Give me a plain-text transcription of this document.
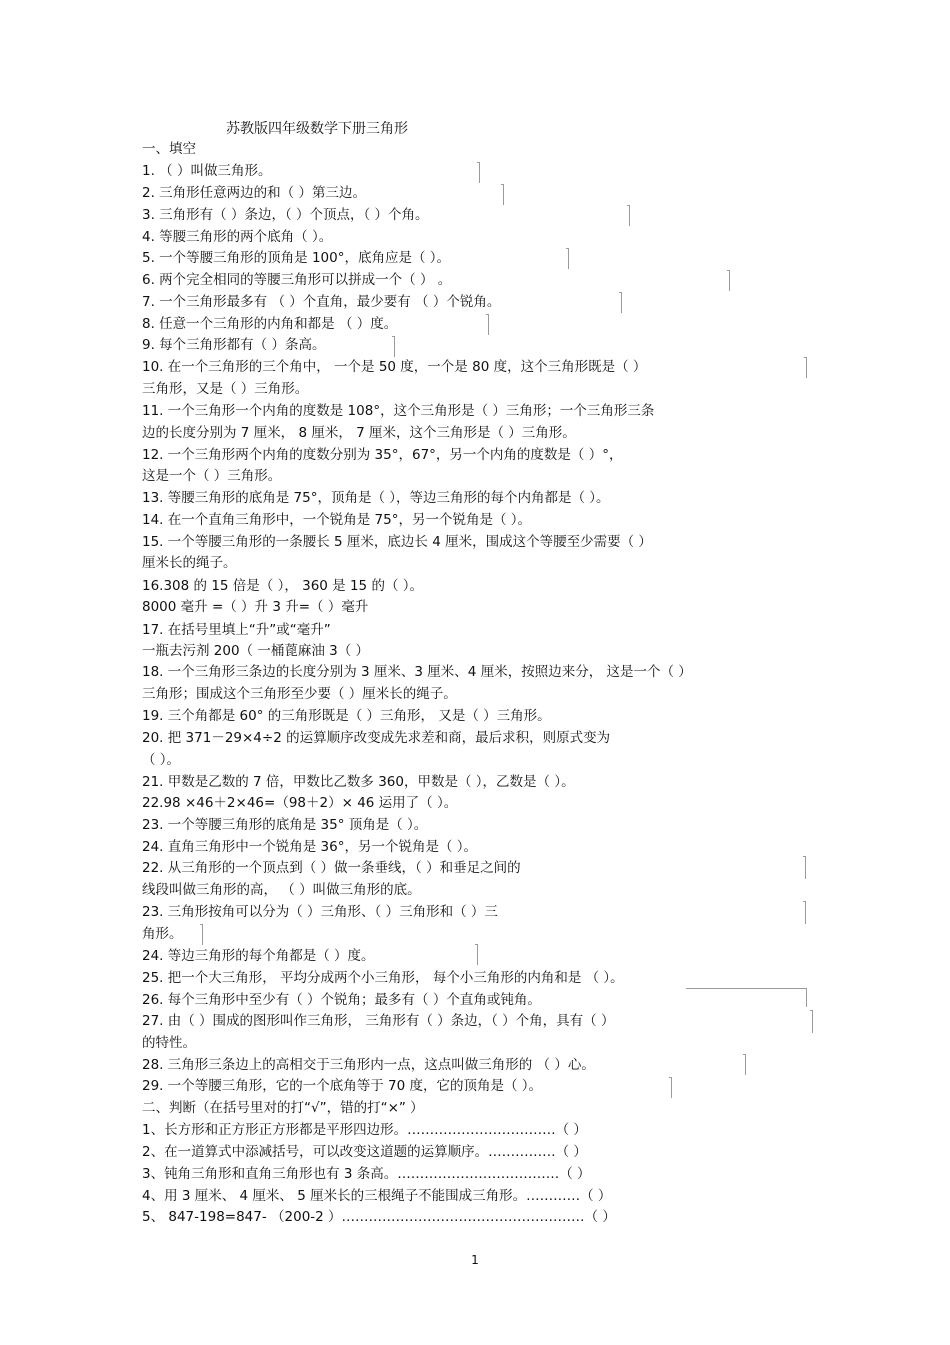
苏教版四年级数学下册三角形
一、填空
1. （ ）叫做三角形。
2. 三角形任意两边的和（ ）第三边。
3. 三角形有（ ）条边，（ ）个顶点，（ ）个角。
4. 等腰三角形的两个底角（ ）。
5. 一个等腰三角形的顶角是 100°，底角应是（ ）。
6. 两个完全相同的等腰三角形可以拼成一个（ ） 。
7. 一个三角形最多有 （ ）个直角，最少要有 （ ）个锐角。
8. 任意一个三角形的内角和都是 （ ）度。
9. 每个三角形都有（ ）条高。
10. 在一个三角形的三个角中， 一个是 50 度，一个是 80 度，这个三角形既是（ ）
三角形，又是（ ）三角形。
11. 一个三角形一个内角的度数是 108°，这个三角形是（ ）三角形；一个三角形三条
边的长度分别为 7 厘米， 8 厘米， 7 厘米，这个三角形是（ ）三角形。
12. 一个三角形两个内角的度数分别为 35°，67°，另一个内角的度数是（ ）°，
这是一个（ ）三角形。
13. 等腰三角形的底角是 75°，顶角是（ ），等边三角形的每个内角都是（ ）。
14. 在一个直角三角形中，一个锐角是 75°，另一个锐角是（ ）。
15. 一个等腰三角形的一条腰长 5 厘米，底边长 4 厘米，围成这个等腰至少需要（ ）
厘米长的绳子。
16.308 的 15 倍是（ ）， 360 是 15 的（ ）。
8000 毫升 =（ ）升 3 升=（ ）毫升
17. 在括号里填上“升”或“毫升”
一瓶去污剂 200（ 一桶蓖麻油 3（ ）
18. 一个三角形三条边的长度分别为 3 厘米、3 厘米、4 厘米，按照边来分， 这是一个（ ）
三角形；围成这个三角形至少要（ ）厘米长的绳子。
19. 三个角都是 60° 的三角形既是（ ）三角形， 又是（ ）三角形。
20. 把 371－29×4÷2 的运算顺序改变成先求差和商，最后求积，则原式变为
（ ）。
21. 甲数是乙数的 7 倍，甲数比乙数多 360，甲数是（ ），乙数是（ ）。
22.98 ×46＋2×46=（98＋2）× 46 运用了（ ）。
23. 一个等腰三角形的底角是 35° 顶角是（ ）。
24. 直角三角形中一个锐角是 36°，另一个锐角是（ ）。
22. 从三角形的一个顶点到（ ）做一条垂线，（ ）和垂足之间的
线段叫做三角形的高， （ ）叫做三角形的底。
23. 三角形按角可以分为（ ）三角形、（ ）三角形和（ ）三
角形。
24. 等边三角形的每个角都是（ ）度。
25. 把一个大三角形， 平均分成两个小三角形， 每个小三角形的内角和是 （ ）。
26. 每个三角形中至少有（ ）个锐角；最多有（ ）个直角或钝角。
27. 由（ ）围成的图形叫作三角形， 三角形有（ ）条边，（ ）个角，具有（ ）
的特性。
28. 三角形三条边上的高相交于三角形内一点，这点叫做三角形的 （ ）心。
29. 一个等腰三角形，它的一个底角等于 70 度，它的顶角是（ ）。
二、判断（在括号里对的打“√”，错的打“×” ）
1、长方形和正方形正方形都是平形四边形。……………………………（ ）
2、在一道算式中添减括号，可以改变这道题的运算顺序。……………（ ）
3、钝角三角形和直角三角形也有 3 条高。………………………………（ ）
4、用 3 厘米、 4 厘米、 5 厘米长的三根绳子不能围成三角形。…………（ ）
5、 847-198=847- （200-2 ）………………………………………………（ ）
1
